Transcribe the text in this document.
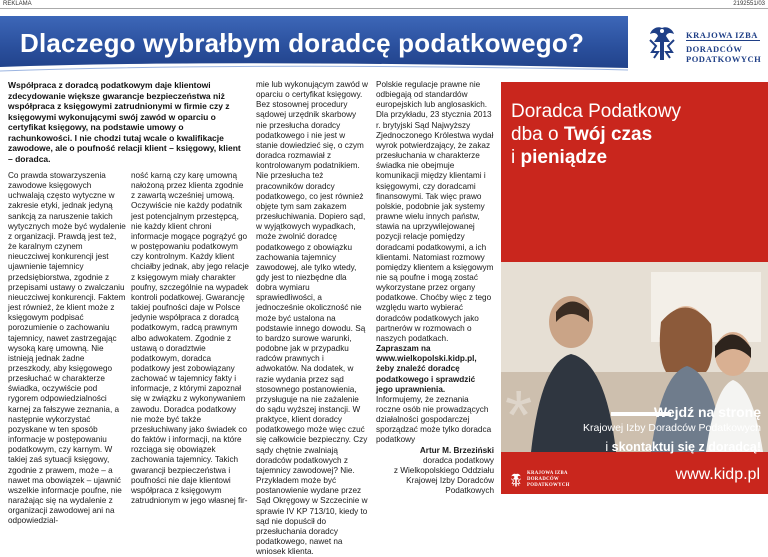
REKLAMA	2192551/03
Dlaczego wybrałbym doradcę podatkowego?	KRAJOWA IZBA
DORADCÓW
PODATKOWYCH
Współpraca z doradcą podatkowym daje klientowi zdecydowanie większe gwarancje bezpieczeństwa niż współpraca z księgowymi zatrudnionymi w firmie czy z księgowymi wykonującymi swój zawód w oparciu o certyfikat księgowy, na podstawie umowy o rachunkowości. I nie chodzi tutaj wcale o kwalifikacje zawodowe, ale o poufność relacji klient – księgowy, klient – doradca.

Co prawda stowarzyszenia zawodowe księgowych uchwalają często wytyczne w zakresie etyki, jednak jedyną sankcją za naruszenie takich wytycznych może być wydalenie z organizacji. Prawdą jest też, że karalnym czynem nieuczciwej konkurencji jest ujawnienie tajemnicy przedsiębiorstwa, zgodnie z przepisami ustawy o zwalczaniu nieuczciwej konkurencji. Faktem jest również, że klient może z księgowym podpisać porozumienie o zachowaniu tajemnicy, nawet zastrzegając wysoką karę umowną. Nie istnieją jednak żadne przeszkody, aby księgowego przesłuchać w charakterze świadka, oczywiście pod rygorem odpowiedzialności karnej za fałszywe zeznania, a następnie wykorzystać pozyskane w ten sposób informacje w postępowaniu podatkowym, czy karnym. W takiej zaś sytuacji księgowy, zgodnie z prawem, może – a nawet ma obowiązek – ujawnić wszelkie informacje poufne, nie narażając się na wydalenie z organizacji zawodowej ani na odpowiedzial-

ność karną czy karę umowną nałożoną przez klienta zgodnie z zawartą wcześniej umową. Oczywiście nie każdy podatnik jest potencjalnym przestępcą, nie każdy klient chroni informacje mogące pogrążyć go w postępowaniu podatkowym czy kontrolnym. Każdy klient chciałby jednak, aby jego relacje z księgowym miały charakter poufny, szczególnie na wypadek kontroli podatkowej. Gwarancję takiej poufności daje w Polsce jedynie współpraca z doradcą podatkowym, radcą prawnym albo adwokatem. Zgodnie z ustawą o doradztwie podatkowym, doradca podatkowy jest zobowiązany zachować w tajemnicy fakty i informacje, z którymi zapoznał się w związku z wykonywaniem zawodu. Doradca podatkowy nie może być także przesłuchiwany jako świadek co do faktów i informacji, na które rozciąga się obowiązek zachowania tajemnicy. Takich gwarancji bezpieczeństwa i poufności nie daje klientowi współpraca z księgowym zatrudnionym w jego własnej fir-

mie lub wykonującym zawód w oparciu o certyfikat księgowy. Bez stosownej procedury sądowej urzędnik skarbowy nie przesłucha doradcy podatkowego i nie jest w stanie dowiedzieć się, o czym doradca rozmawiał z kontrolowanym podatnikiem. Nie przesłucha też pracowników doradcy podatkowego, co jest również objęte tym sam zakazem przesłuchiwania. Dopiero sąd, w wyjątkowych wypadkach, może zwolnić doradcę podatkowego z obowiązku zachowania tajemnicy zawodowej, ale tylko wtedy, gdy jest to niezbędne dla dobra wymiaru sprawiedliwości, a jednocześnie okoliczność nie może być ustalona na podstawie innego dowodu. Są to bardzo surowe warunki, podobne jak w przypadku radców prawnych i adwokatów. Na dodatek, w razie wydania przez sąd stosownego postanowienia, przysługuje na nie zażalenie do sądu wyższej instancji. W praktyce, klient doradcy podatkowego może więc czuć się całkowicie bezpieczny. Czy sądy chętnie zwalniają doradców podatkowych z tajemnicy zawodowej? Nie. Przykładem może być postanowienie wydane przez Sąd Okręgowy w Szczecinie w sprawie IV KP 713/10, kiedy to sąd nie dopuścił do przesłuchania doradcy podatkowego, nawet na wniosek klienta.

Polskie regulacje prawne nie odbiegają od standardów europejskich lub anglosaskich. Dla przykładu, 23 stycznia 2013 r. brytyjski Sąd Najwyższy Zjednoczonego Królestwa wydał wyrok potwierdzający, że zakaz przesłuchania w charakterze świadka nie obejmuje komunikacji między klientami i księgowymi, czy doradcami finansowymi. Tak więc prawo polskie, podobnie jak systemy prawne wielu innych państw, stawia na uprzywilejowanej pozycji relacje pomiędzy doradcami podatkowymi, a ich klientami. Natomiast rozmowy pomiędzy klientem a księgowym nie są poufne i mogą zostać wykorzystane przez organy podatkowe. Choćby więc z tego względu warto wybierać doradców podatkowych jako partnerów w rozmowach o naszych podatkach.

Zapraszam na www.wielkopolski.kidp.pl, żeby znaleźć doradcę podatkowego i sprawdzić jego uprawnienia.

Informujemy, że zeznania roczne osób nie prowadzących działalności gospodarczej sporządzać może tylko doradca podatkowy

Artur M. Brzeziński

doradca podatkowy

z Wielkopolskiego Oddziału

Krajowej Izby Doradców

Podatkowych

Doradca Podatkowy
dba o Twój czas
i pieniądze
*	Wejdź na stronę
Krajowej Izby Doradców Podatkowych
i skontaktuj się z doradcą!
KRAJOWA IZBA
DORADCÓW
PODATKOWYCH
www.kidp.pl
